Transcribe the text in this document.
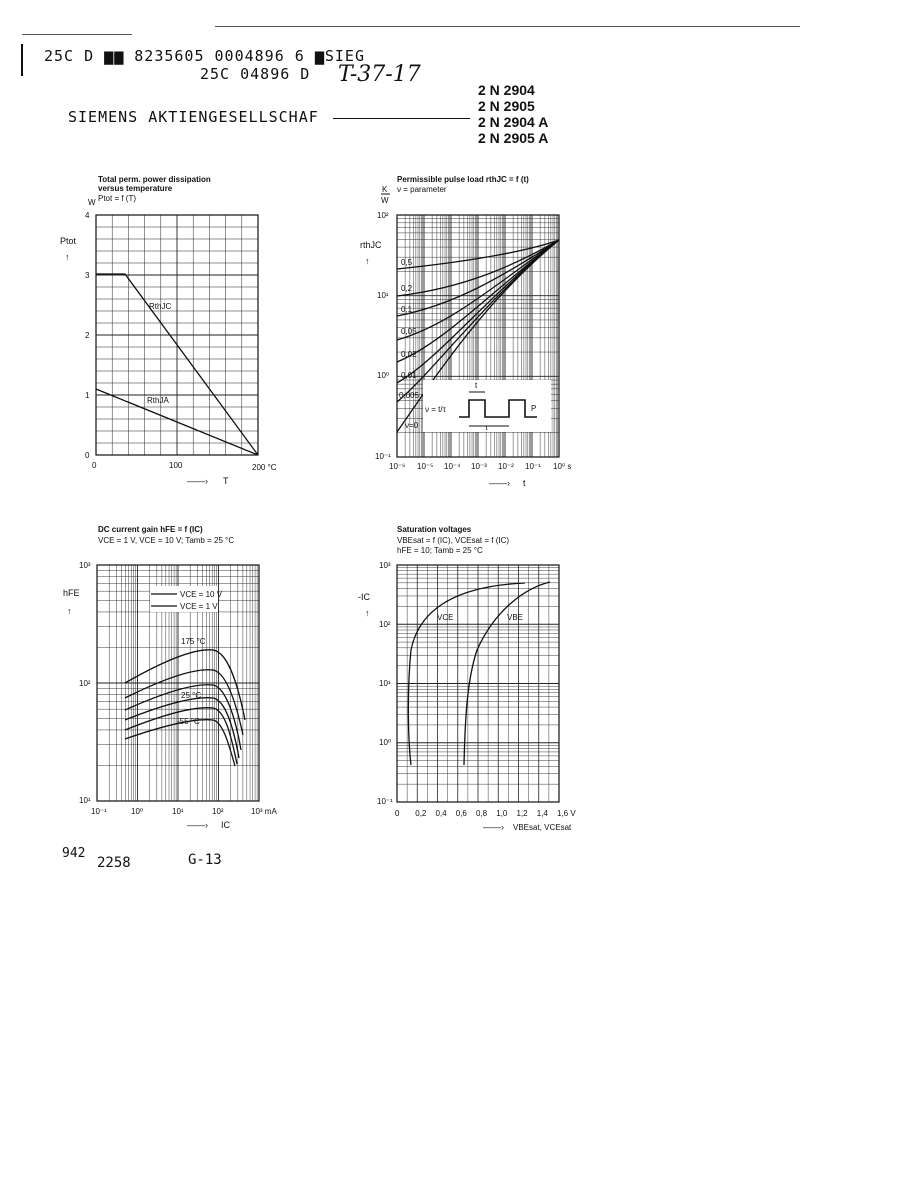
25C D ▆▆ 8235605 0004896 6 ▆SIEG
25C 04896 D T-37-17
SIEMENS AKTIENGESELLSCHAF
2 N 2904
2 N 2905
2 N 2904 A
2 N 2905 A
Total perm. power dissipation
versus temperature
Ptot = f (T)
W
Ptot
↑
RthJC
RthJA
4
3
2
1
0
0	100	200 °C
——› T
Permissible pulse load rthJC = f (t)
ν = parameter
K
W
rthJC
↑	0,5
0,2
0,1
0,05
0,02
0,01
0,005
ν=0
ν = t/τ
t
τ
P
10²
10¹
10⁰
10⁻¹
10⁻⁶ 10⁻⁵ 10⁻⁴ 10⁻³ 10⁻² 10⁻¹ 10⁰ s
——› t
DC current gain hFE = f (IC)
VCE = 1 V, VCE = 10 V; Tamb = 25 °C
hFE
↑
VCE = 10 V
VCE = 1 V
175 °C
25 °C
-55 °C
10³
10²
10¹
10⁻¹	10⁰	10¹	10²	10³ mA
——› IC
Saturation voltages
VBEsat = f (IC), VCEsat = f (IC)
hFE = 10; Tamb = 25 °C
-IC
↑	VCE	VBE
10³
10²
10¹
10⁰
10⁻¹
0 0,2 0,4 0,6 0,8 1,0 1,2 1,4 1,6 V
——› VBEsat, VCEsat
942
2258	G-13
